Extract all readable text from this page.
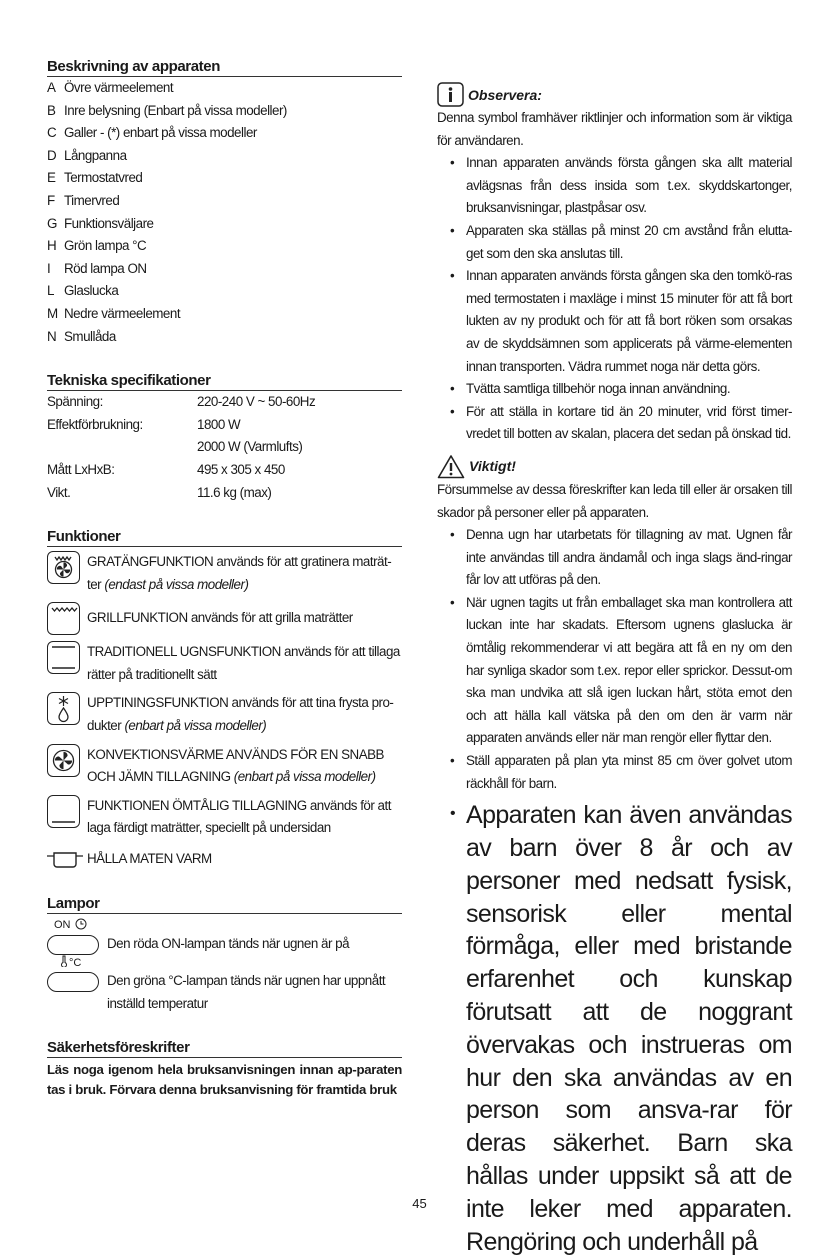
Beskrivning av apparaten
A Övre värmeelement
B Inre belysning (Enbart på vissa modeller)
C Galler - (*) enbart på vissa modeller
D Långpanna
E Termostatvred
F Timervred
G Funktionsväljare
H Grön lampa °C
I	Röd lampa ON
L Glaslucka
M Nedre värmeelement
N Smullåda
Tekniska specifikationer
Spänning:	220-240 V ~ 50-60Hz
Effektförbrukning:	1800 W
2000 W (Varmlufts)
Mått LxHxB:	495 x 305 x 450
Vikt.	11.6 kg (max)
Funktioner
GRATÄNGFUNKTION används för att gratinera maträt-ter (endast på vissa modeller)
GRILLFUNKTION används för att grilla maträtter
TRADITIONELL UGNSFUNKTION används för att tillaga rätter på traditionellt sätt
UPPTININGSFUNKTION används för att tina frysta pro-dukter (enbart på vissa modeller)
KONVEKTIONSVÄRME ANVÄNDS FÖR EN SNABB OCH JÄMN TILLAGNING (enbart på vissa modeller)
FUNKTIONEN ÖMTÅLIG TILLAGNING används för att laga färdigt maträtter, speciellt på undersidan
HÅLLA MATEN VARM
Lampor
ON
Den röda ON-lampan tänds när ugnen är på
°C
Den gröna °C-lampan tänds när ugnen har uppnått inställd temperatur
Säkerhetsföreskrifter
Läs noga igenom hela bruksanvisningen innan ap-paraten tas i bruk. Förvara denna bruksanvisning för framtida bruk
Observera:
Denna symbol framhäver riktlinjer och information som är viktiga för användaren.
• Innan apparaten används första gången ska allt material avlägsnas från dess insida som t.ex. skyddskartonger, bruksanvisningar, plastpåsar osv.
• Apparaten ska ställas på minst 20 cm avstånd från elutta-get som den ska anslutas till.
• Innan apparaten används första gången ska den tomkö-ras med termostaten i maxläge i minst 15 minuter för att få bort lukten av ny produkt och för att få bort röken som orsakas av de skyddsämnen som applicerats på värme-elementen innan transporten. Vädra rummet noga när detta görs.
• Tvätta samtliga tillbehör noga innan användning.
• För att ställa in kortare tid än 20 minuter, vrid först timer-vredet till botten av skalan, placera det sedan på önskad tid.
Viktigt!
Försummelse av dessa föreskrifter kan leda till eller är orsaken till skador på personer eller på apparaten.
• Denna ugn har utarbetats för tillagning av mat. Ugnen får inte användas till andra ändamål och inga slags änd-ringar får lov att utföras på den.
• När ugnen tagits ut från emballaget ska man kontrollera att luckan inte har skadats. Eftersom ugnens glaslucka är ömtålig rekommenderar vi att begära att få en ny om den har synliga skador som t.ex. repor eller sprickor. Dessut-om ska man undvika att slå igen luckan hårt, stöta emot den och att hälla kall vätska på den om den är varm när apparaten används eller när man rengör eller flyttar den.
• Ställ apparaten på plan yta minst 85 cm över golvet utom räckhåll för barn.
• Apparaten kan även användas av barn över 8 år och av personer med nedsatt fysisk, sensorisk eller mental förmåga, eller med bristande erfarenhet och kunskap förutsatt att de noggrant övervakas och instrueras om hur den ska användas av en person som ansva-rar för deras säkerhet. Barn ska hållas under uppsikt så att de inte leker med apparaten. Rengöring och underhåll på
45
